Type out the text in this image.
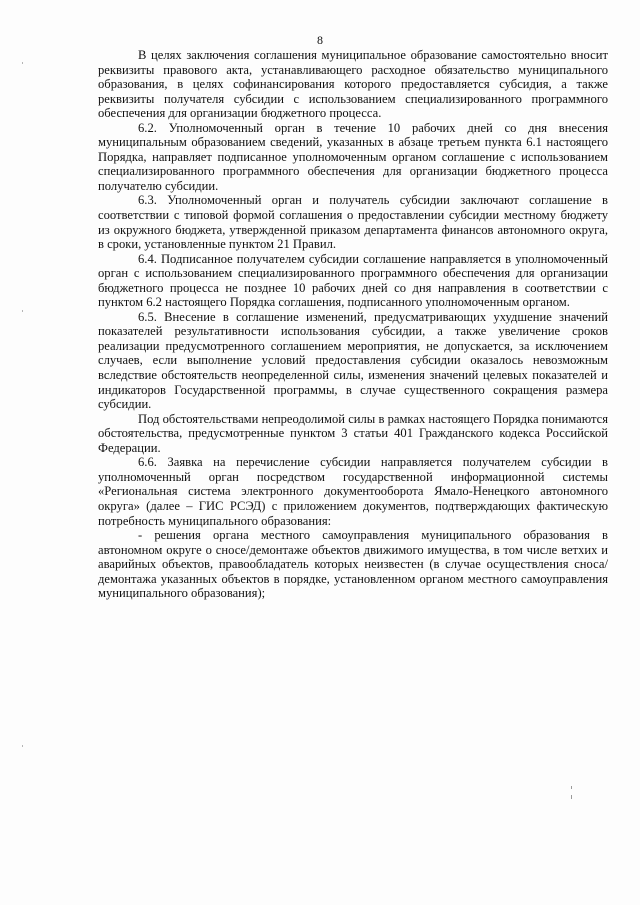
8

В целях заключения соглашения муниципальное образование самостоятельно вносит реквизиты правового акта, устанавливающего расходное обязательство муниципального образования, в целях софинансирования которого предоставляется субсидия, а также реквизиты получателя субсидии с использованием специализированного программного обеспечения для организации бюджетного процесса.

6.2. Уполномоченный орган в течение 10 рабочих дней со дня внесения муниципальным образованием сведений, указанных в абзаце третьем пункта 6.1 настоящего Порядка, направляет подписанное уполномоченным органом соглашение с использованием специализированного программного обеспечения для организации бюджетного процесса получателю субсидии.

6.3. Уполномоченный орган и получатель субсидии заключают соглашение в соответствии с типовой формой соглашения о предоставлении субсидии местному бюджету из окружного бюджета, утвержденной приказом департамента финансов автономного округа, в сроки, установленные пунктом 21 Правил.

6.4. Подписанное получателем субсидии соглашение направляется в уполномоченный орган с использованием специализированного программного обеспечения для организации бюджетного процесса не позднее 10 рабочих дней со дня направления в соответствии с пунктом 6.2 настоящего Порядка соглашения, подписанного уполномоченным органом.

6.5. Внесение в соглашение изменений, предусматривающих ухудшение значений показателей результативности использования субсидии, а также увеличение сроков реализации предусмотренного соглашением мероприятия, не допускается, за исключением случаев, если выполнение условий предоставления субсидии оказалось невозможным вследствие обстоятельств неопределенной силы, изменения значений целевых показателей и индикаторов Государственной программы, в случае существенного сокращения размера субсидии.

Под обстоятельствами непреодолимой силы в рамках настоящего Порядка понимаются обстоятельства, предусмотренные пунктом 3 статьи 401 Гражданского кодекса Российской Федерации.

6.6. Заявка на перечисление субсидии направляется получателем субсидии в уполномоченный орган посредством государственной информационной системы «Региональная система электронного документооборота Ямало-Ненецкого автономного округа» (далее – ГИС РСЭД) с приложением документов, подтверждающих фактическую потребность муниципального образования:

- решения органа местного самоуправления муниципального образования в автономном округе о сносе/демонтаже объектов движимого имущества, в том числе ветхих и аварийных объектов, правообладатель которых неизвестен (в случае осуществления сноса/демонтажа указанных объектов в порядке, установленном органом местного самоуправления муниципального образования);
